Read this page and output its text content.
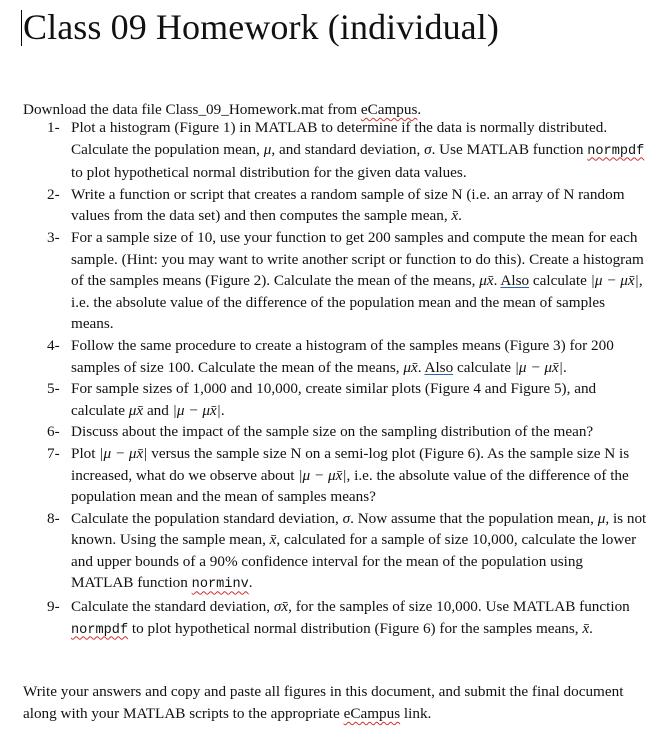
Class 09 Homework (individual)

Download the data file Class_09_Homework.mat from eCampus.

1- Plot a histogram (Figure 1) in MATLAB to determine if the data is normally distributed. Calculate the population mean, μ, and standard deviation, σ. Use MATLAB function normpdf to plot hypothetical normal distribution for the given data values.
2- Write a function or script that creates a random sample of size N (i.e. an array of N random values from the data set) and then computes the sample mean, x̄.
3- For a sample size of 10, use your function to get 200 samples and compute the mean for each sample. (Hint: you may want to write another script or function to do this). Create a histogram of the samples means (Figure 2). Calculate the mean of the means, μx̄. Also calculate |μ − μx̄|, i.e. the absolute value of the difference of the population mean and the mean of samples means.
4- Follow the same procedure to create a histogram of the samples means (Figure 3) for 200 samples of size 100. Calculate the mean of the means, μx̄. Also calculate |μ − μx̄|.
5- For sample sizes of 1,000 and 10,000, create similar plots (Figure 4 and Figure 5), and calculate μx̄ and |μ − μx̄|.
6- Discuss about the impact of the sample size on the sampling distribution of the mean?
7- Plot |μ − μx̄| versus the sample size N on a semi-log plot (Figure 6). As the sample size N is increased, what do we observe about |μ − μx̄|, i.e. the absolute value of the difference of the population mean and the mean of samples means?
8- Calculate the population standard deviation, σ. Now assume that the population mean, μ, is not known. Using the sample mean, x̄, calculated for a sample of size 10,000, calculate the lower and upper bounds of a 90% confidence interval for the mean of the population using MATLAB function norminv.
9- Calculate the standard deviation, σx̄, for the samples of size 10,000. Use MATLAB function normpdf to plot hypothetical normal distribution (Figure 6) for the samples means, x̄.

Write your answers and copy and paste all figures in this document, and submit the final document along with your MATLAB scripts to the appropriate eCampus link.
